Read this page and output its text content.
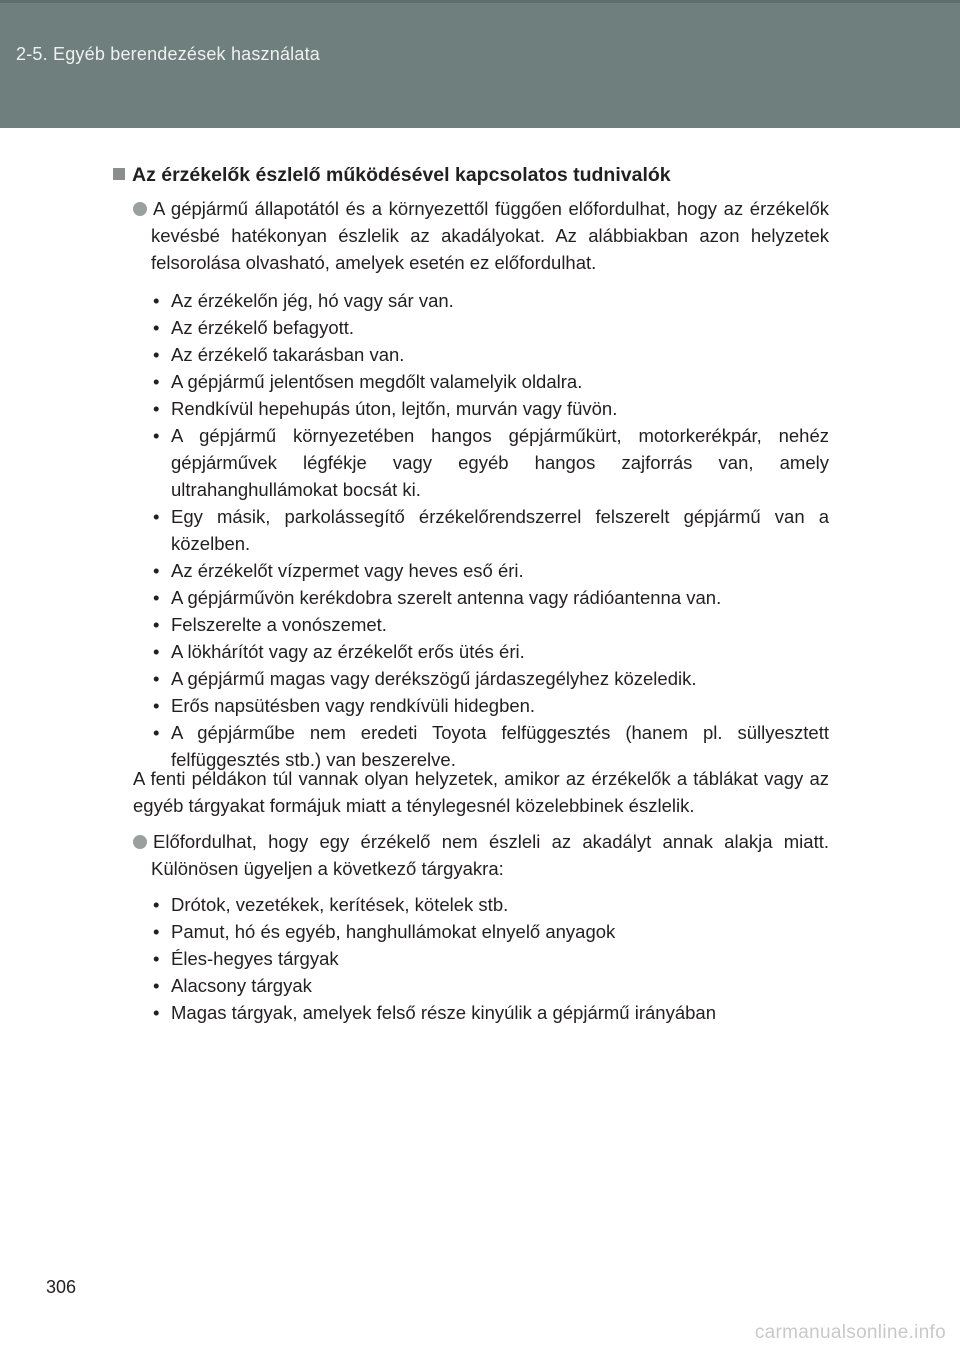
2-5. Egyéb berendezések használata
Az érzékelők észlelő működésével kapcsolatos tudnivalók
A gépjármű állapotától és a környezettől függően előfordulhat, hogy az érzékelők kevésbé hatékonyan észlelik az akadályokat. Az alábbiakban azon helyzetek felsorolása olvasható, amelyek esetén ez előfordulhat.
• Az érzékelőn jég, hó vagy sár van.
• Az érzékelő befagyott.
• Az érzékelő takarásban van.
• A gépjármű jelentősen megdőlt valamelyik oldalra.
• Rendkívül hepehupás úton, lejtőn, murván vagy füvön.
• A gépjármű környezetében hangos gépjárműkürt, motorkerékpár, nehéz gépjárművek légfékje vagy egyéb hangos zajforrás van, amely ultrahanghullámokat bocsát ki.
• Egy másik, parkolássegítő érzékelőrendszerrel felszerelt gépjármű van a közelben.
• Az érzékelőt vízpermet vagy heves eső éri.
• A gépjárművön kerékdobra szerelt antenna vagy rádióantenna van.
• Felszerelte a vonószemet.
• A lökhárítót vagy az érzékelőt erős ütés éri.
• A gépjármű magas vagy derékszögű járdaszegélyhez közeledik.
• Erős napsütésben vagy rendkívüli hidegben.
• A gépjárműbe nem eredeti Toyota felfüggesztés (hanem pl. süllyesztett felfüggesztés stb.) van beszerelve.
A fenti példákon túl vannak olyan helyzetek, amikor az érzékelők a táblákat vagy az egyéb tárgyakat formájuk miatt a ténylegesnél közelebbinek észlelik.
Előfordulhat, hogy egy érzékelő nem észleli az akadályt annak alakja miatt. Különösen ügyeljen a következő tárgyakra:
• Drótok, vezetékek, kerítések, kötelek stb.
• Pamut, hó és egyéb, hanghullámokat elnyelő anyagok
• Éles-hegyes tárgyak
• Alacsony tárgyak
• Magas tárgyak, amelyek felső része kinyúlik a gépjármű irányában
306
carmanualsonline.info
